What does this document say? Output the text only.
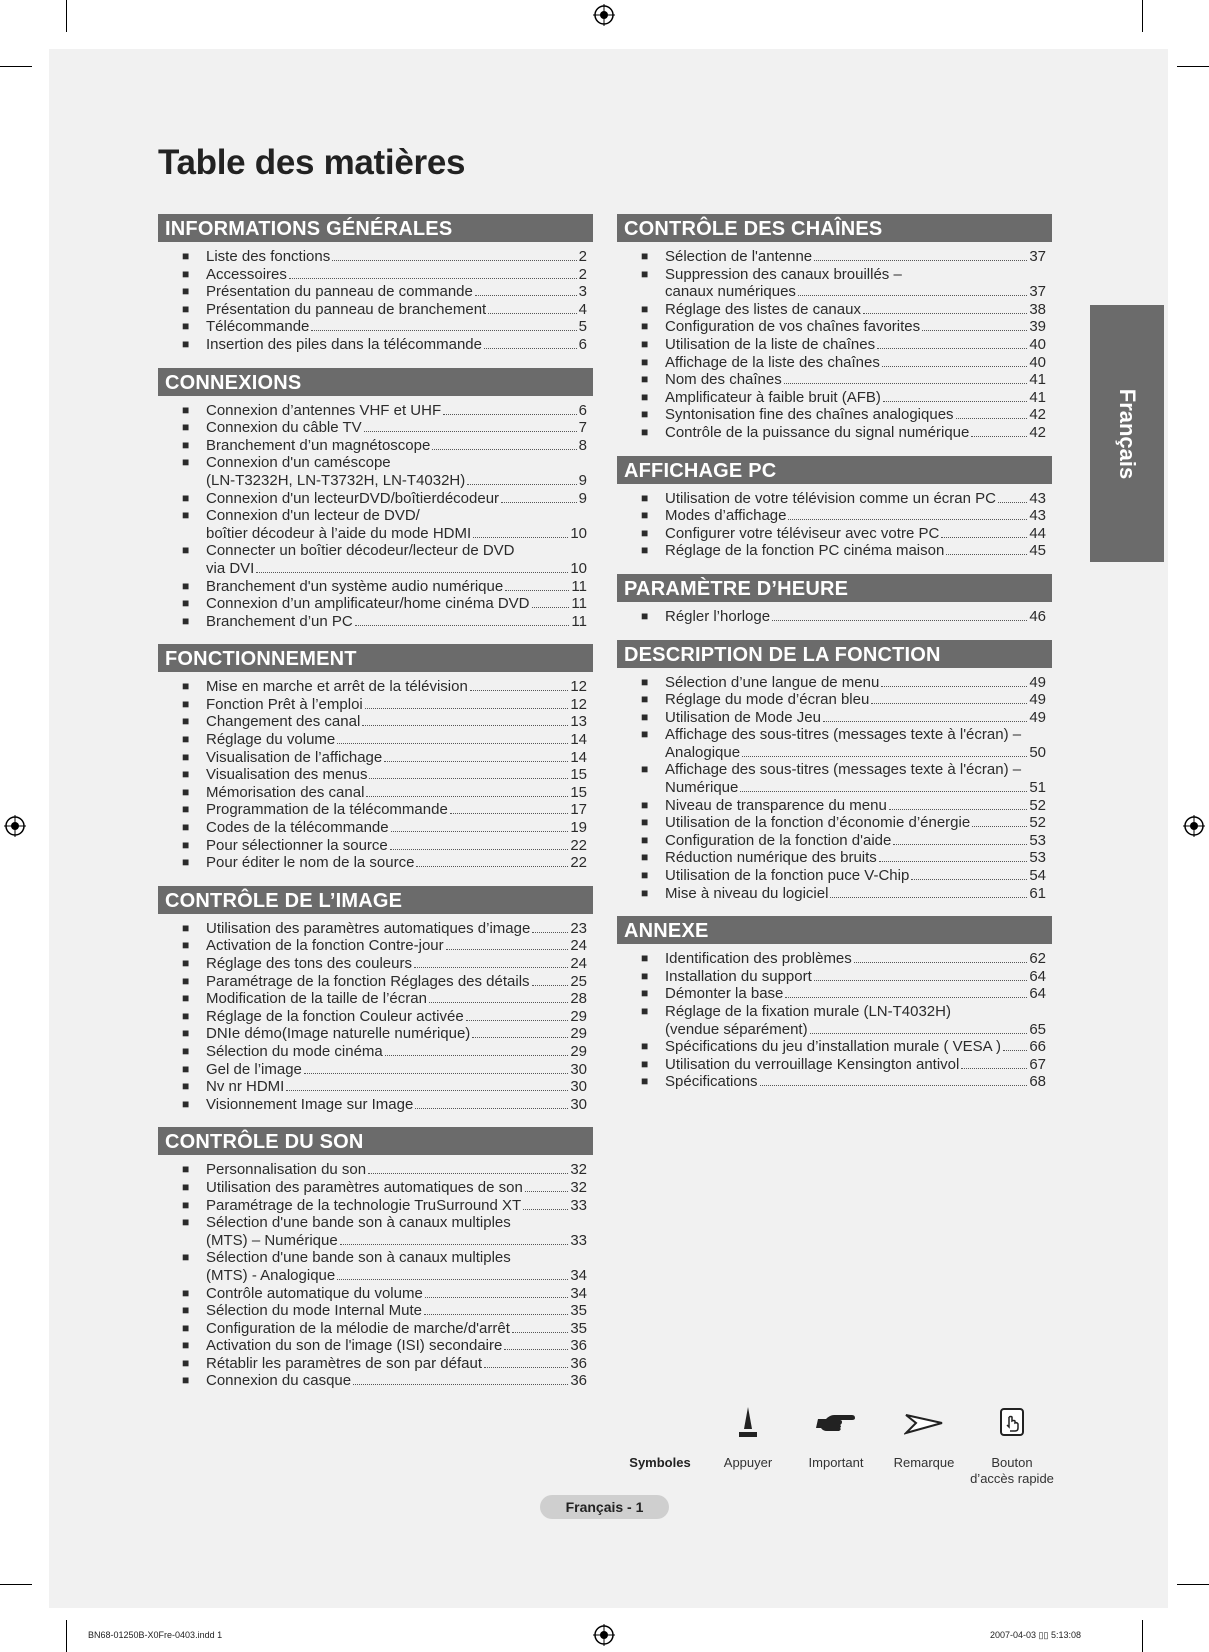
Table des matières
INFORMATIONS GÉNÉRALES
■	Liste des fonctions	2
■	Accessoires	2
■	Présentation du panneau de commande	3
■	Présentation du panneau de branchement	4
■	Télécommande	5
■	Insertion des piles dans la télécommande	6
CONNEXIONS
■	Connexion d’antennes VHF et UHF	6
■	Connexion du câble TV	7
■	Branchement d’un magnétoscope	8
■	Connexion d'un caméscope
(LN-T3232H, LN-T3732H, LN-T4032H)	9
■	Connexion d'un lecteurDVD/boîtierdécodeur	9
■	Connexion d'un lecteur de DVD/
boîtier décodeur à l’aide du mode HDMI	10
■	Connecter un boîtier décodeur/lecteur de DVD
via DVI	10
■	Branchement d'un système audio numérique	11
■	Connexion d’un amplificateur/home cinéma DVD	11
■	Branchement d’un PC	11
FONCTIONNEMENT
■	Mise en marche et arrêt de la télévision	12
■	Fonction Prêt à l’emploi	12
■	Changement des canal	13
■	Réglage du volume	14
■	Visualisation de l’affichage	14
■	Visualisation des menus	15
■	Mémorisation des canal	15
■	Programmation de la télécommande	17
■	Codes de la télécommande	19
■	Pour sélectionner la source	22
■	Pour éditer le nom de la source	22
CONTRÔLE DE L’IMAGE
■	Utilisation des paramètres automatiques d’image	23
■	Activation de la fonction Contre-jour	24
■	Réglage des tons des couleurs	24
■	Paramétrage de la fonction Réglages des détails	25
■	Modification de la taille de l’écran	28
■	Réglage de la fonction Couleur activée	29
■	DNIe démo(Image naturelle numérique)	29
■	Sélection du mode cinéma	29
■	Gel de l’image	30
■	Nv nr HDMI	30
■	Visionnement Image sur Image	30
CONTRÔLE DU SON
■	Personnalisation du son	32
■	Utilisation des paramètres automatiques de son	32
■	Paramétrage de la technologie TruSurround XT	33
■	Sélection d'une bande son à canaux multiples
(MTS) – Numérique	33
■	Sélection d'une bande son à canaux multiples
(MTS) - Analogique	34
■	Contrôle automatique du volume	34
■	Sélection du mode Internal Mute	35
■	Configuration de la mélodie de marche/d'arrêt	35
■	Activation du son de l'image (ISI) secondaire	36
■	Rétablir les paramètres de son par défaut	36
■	Connexion du casque	36
CONTRÔLE DES CHAÎNES
■	Sélection de l'antenne	37
■	Suppression des canaux brouillés –
canaux numériques	37
■	Réglage des listes de canaux	38
■	Configuration de vos chaînes favorites	39
■	Utilisation de la liste de chaînes	40
■	Affichage de la liste des chaînes	40
■	Nom des chaînes	41
■	Amplificateur à faible bruit (AFB)	41
■	Syntonisation fine des chaînes analogiques	42
■	Contrôle de la puissance du signal numérique	42
AFFICHAGE PC
■	Utilisation de votre télévision comme un écran PC 43
■	Modes d’affichage	43
■	Configurer votre téléviseur avec votre PC	44
■	Réglage de la fonction PC cinéma maison	45
PARAMÈTRE D’HEURE
■	Régler l’horloge	46
DESCRIPTION DE LA FONCTION
■	Sélection d’une langue de menu	49
■	Réglage du mode d’écran bleu	49
■	Utilisation de Mode Jeu	49
■	Affichage des sous-titres (messages texte à l'écran) –
Analogique	50
■	Affichage des sous-titres (messages texte à l'écran) –
Numérique	51
■	Niveau de transparence du menu	52
■	Utilisation de la fonction d’économie d’énergie	52
■	Configuration de la fonction d'aide	53
■	Réduction numérique des bruits	53
■	Utilisation de la fonction puce V-Chip	54
■	Mise à niveau du logiciel	61
ANNEXE
■	Identification des problèmes	62
■	Installation du support	64
■	Démonter la base	64
■	Réglage de la fixation murale (LN-T4032H)
(vendue séparément)	65
■	Spécifications du jeu d’installation murale ( VESA ) 66
■	Utilisation du verrouillage Kensington antivol	67
■	Spécifications	68
Français
Symboles	Appuyer	Important	Remarque	Bouton
d’accès rapide
Français - 1
BN68-01250B-X0Fre-0403.indd 1	2007-04-03 ▯▯ 5:13:08
